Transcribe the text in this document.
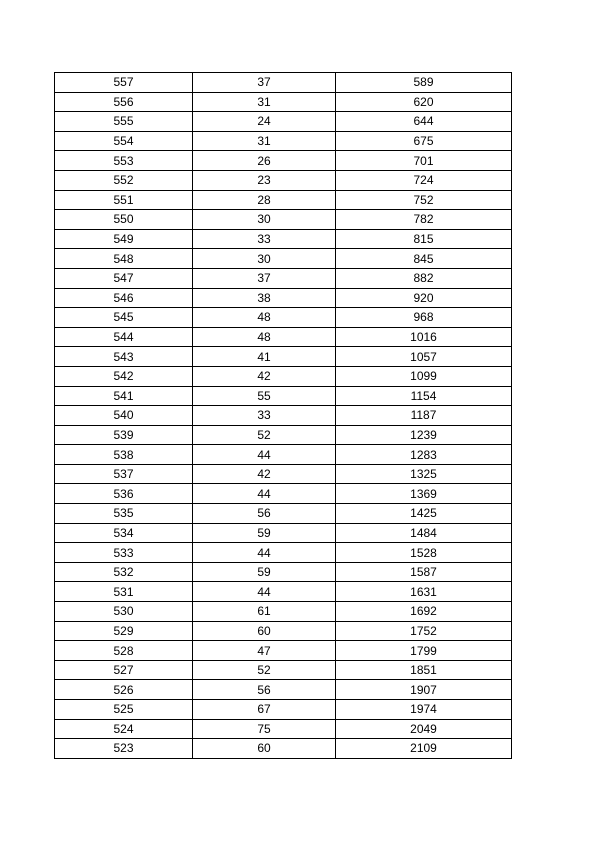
557	37	589
556	31	620
555	24	644
554	31	675
553	26	701
552	23	724
551	28	752
550	30	782
549	33	815
548	30	845
547	37	882
546	38	920
545	48	968
544	48	1016
543	41	1057
542	42	1099
541	55	1154
540	33	1187
539	52	1239
538	44	1283
537	42	1325
536	44	1369
535	56	1425
534	59	1484
533	44	1528
532	59	1587
531	44	1631
530	61	1692
529	60	1752
528	47	1799
527	52	1851
526	56	1907
525	67	1974
524	75	2049
523	60	2109
